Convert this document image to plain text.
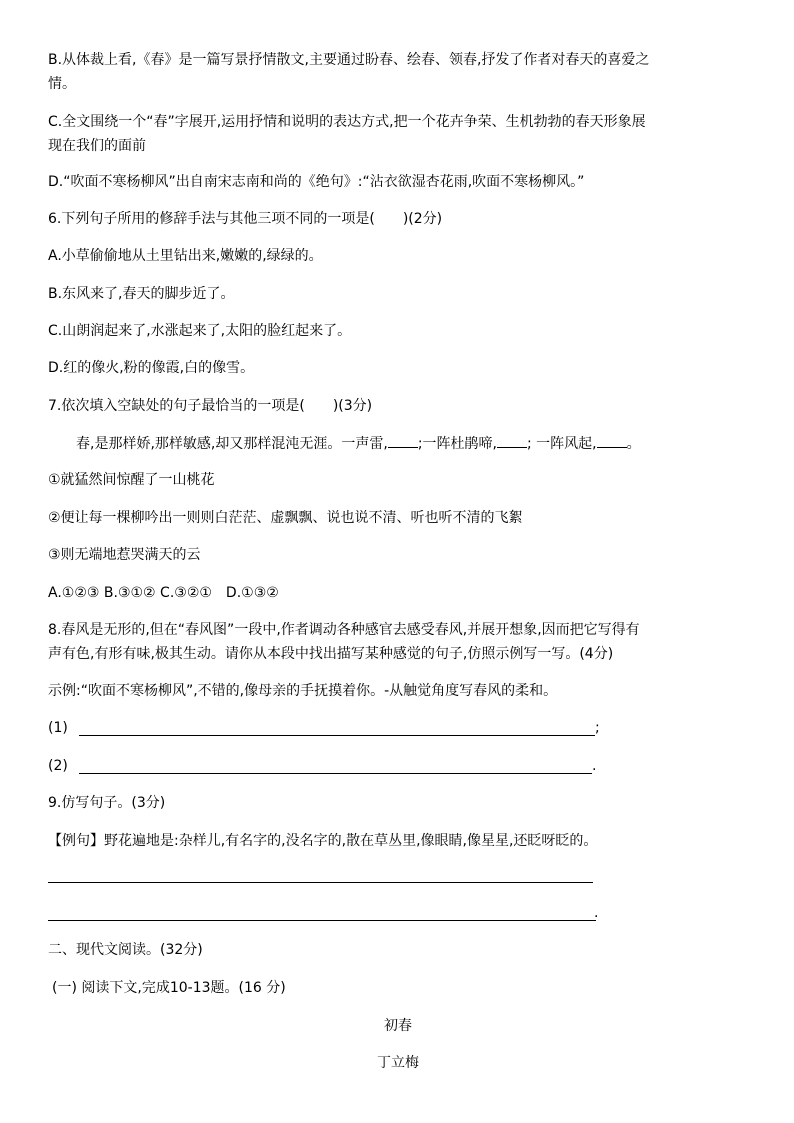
B.从体裁上看,《春》是一篇写景抒情散文,主要通过盼春、绘春、领春,抒发了作者对春天的喜爱之
情。
C.全文围绕一个“春”字展开,运用抒情和说明的表达方式,把一个花卉争荣、生机勃勃的春天形象展
现在我们的面前
D.“吹面不寒杨柳风”出自南宋志南和尚的《绝句》:“沾衣欲湿杏花雨,吹面不寒杨柳风。”
6.下列句子所用的修辞手法与其他三项不同的一项是(　　)(2分)
A.小草偷偷地从土里钻出来,嫩嫩的,绿绿的。
B.东风来了,春天的脚步近了。
C.山朗润起来了,水涨起来了,太阳的脸红起来了。
D.红的像火,粉的像霞,白的像雪。
7.依次填入空缺处的句子最恰当的一项是(　　)(3分)
春,是那样娇,那样敏感,却又那样混沌无涯。一声雷, ;一阵杜鹃啼, ; 一阵风起, 。
①就猛然间惊醒了一山桃花
②便让每一棵柳吟出一则则白茫茫、虚飘飘、说也说不清、听也听不清的飞絮
③则无端地惹哭满天的云
A.①②③ B.③①② C.③②①　D.①③②
8.春风是无形的,但在“春风图”一段中,作者调动各种感官去感受春风,并展开想象,因而把它写得有
声有色,有形有味,极其生动。请你从本段中找出描写某种感觉的句子,仿照示例写一写。(4分)
示例:“吹面不寒杨柳风”,不错的,像母亲的手抚摸着你。-从触觉角度写春风的柔和。
(1)	;
(2)	.
9.仿写句子。(3分)
【例句】野花遍地是:杂样儿,有名字的,没名字的,散在草丛里,像眼睛,像星星,还眨呀眨的。
.
二、现代文阅读。(32分)
(一) 阅读下文,完成10-13题。(16 分)
初春
丁立梅
